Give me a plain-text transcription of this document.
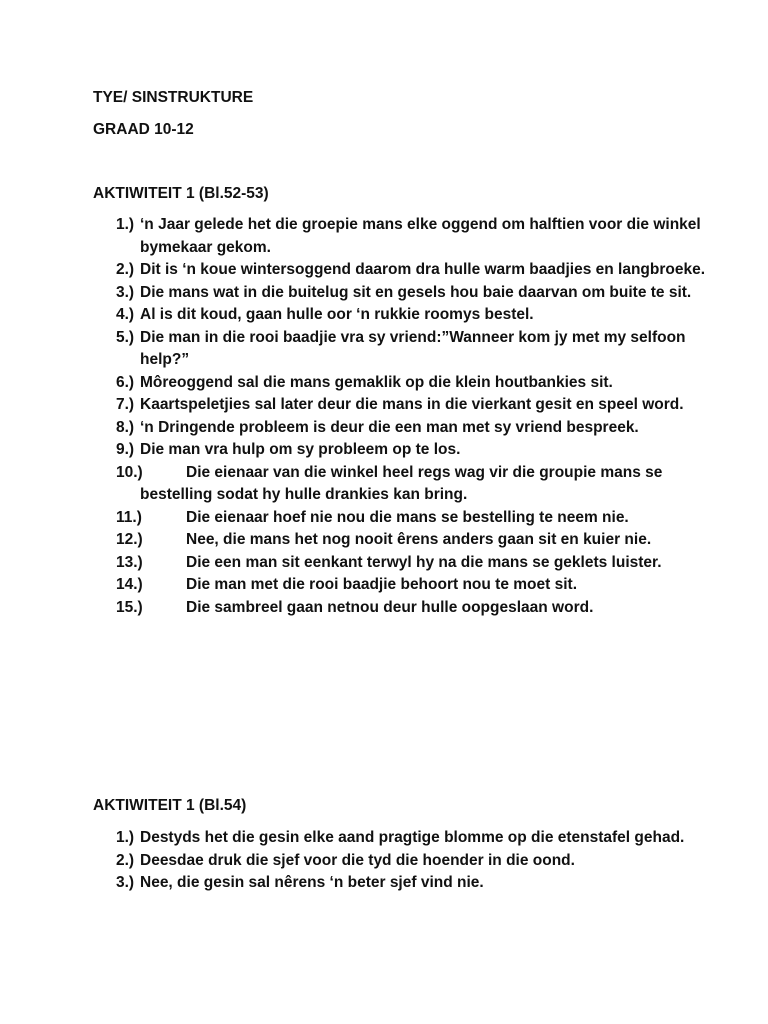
TYE/ SINSTRUKTURE
GRAAD 10-12
AKTIWITEIT 1 (Bl.52-53)
1.) ‘n Jaar gelede het die groepie mans elke oggend om halftien voor die winkel bymekaar gekom.
2.) Dit is ‘n koue wintersoggend daarom dra hulle warm baadjies en langbroeke.
3.) Die mans wat in die buitelug sit en gesels hou baie daarvan om buite te sit.
4.) Al is dit koud, gaan hulle oor ‘n rukkie roomys bestel.
5.) Die man in die rooi baadjie vra sy vriend:”Wanneer kom jy met my selfoon help?”
6.) Môreoggend sal die mans gemaklik op die klein houtbankies sit.
7.) Kaartspeletjies sal later deur die mans in die vierkant gesit en speel word.
8.) ‘n Dringende probleem is deur die een man met sy vriend bespreek.
9.) Die man vra hulp om sy probleem op te los.
10.)	Die eienaar van die winkel heel regs wag vir die groupie mans se bestelling sodat hy hulle drankies kan bring.
11.)	Die eienaar hoef nie nou die mans se bestelling te neem nie.
12.)	Nee, die mans het nog nooit êrens anders gaan sit en kuier nie.
13.)	Die een man sit eenkant terwyl hy na die mans se geklets luister.
14.)	Die man met die rooi baadjie behoort nou te moet sit.
15.)	Die sambreel gaan netnou deur hulle oopgeslaan word.
AKTIWITEIT 1 (Bl.54)
1.) Destyds het die gesin elke aand pragtige blomme op die etenstafel gehad.
2.) Deesdae druk die sjef voor die tyd die hoender in die oond.
3.) Nee, die gesin sal nêrens ‘n beter sjef vind nie.
